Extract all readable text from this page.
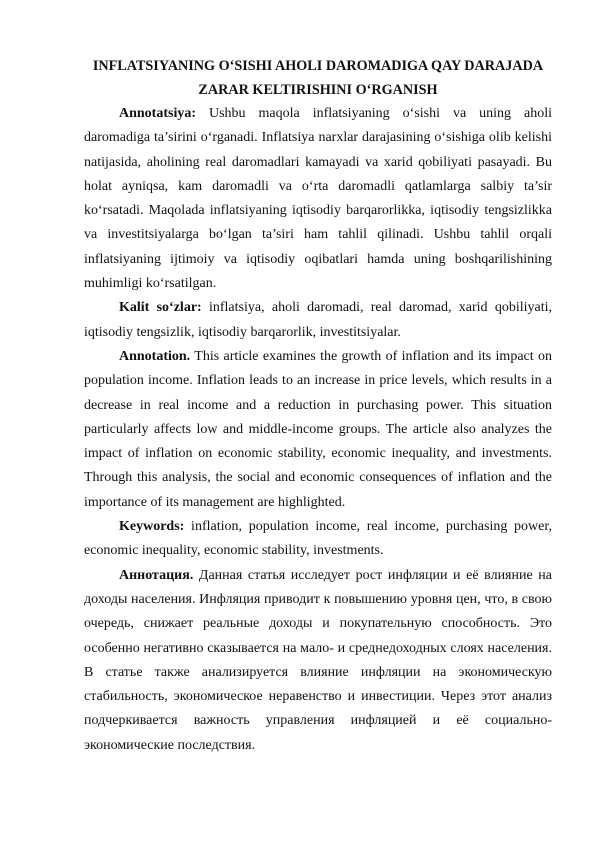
INFLATSIYANING O‘SISHI AHOLI DAROMADIGA QAY DARAJADA
ZARAR KELTIRISHINI O‘RGANISH

Annotatsiya: Ushbu maqola inflatsiyaning o‘sishi va uning aholi daromadiga ta’sirini o‘rganadi. Inflatsiya narxlar darajasining o‘sishiga olib kelishi natijasida, aholining real daromadlari kamayadi va xarid qobiliyati pasayadi. Bu holat ayniqsa, kam daromadli va o‘rta daromadli qatlamlarga salbiy ta’sir ko‘rsatadi. Maqolada inflatsiyaning iqtisodiy barqarorlikka, iqtisodiy tengsizlikka va investitsiyalarga bo‘lgan ta’siri ham tahlil qilinadi. Ushbu tahlil orqali inflatsiyaning ijtimoiy va iqtisodiy oqibatlari hamda uning boshqarilishining muhimligi ko‘rsatilgan.

Kalit so‘zlar: inflatsiya, aholi daromadi, real daromad, xarid qobiliyati, iqtisodiy tengsizlik, iqtisodiy barqarorlik, investitsiyalar.

Annotation. This article examines the growth of inflation and its impact on population income. Inflation leads to an increase in price levels, which results in a decrease in real income and a reduction in purchasing power. This situation particularly affects low and middle-income groups. The article also analyzes the impact of inflation on economic stability, economic inequality, and investments. Through this analysis, the social and economic consequences of inflation and the importance of its management are highlighted.

Keywords: inflation, population income, real income, purchasing power, economic inequality, economic stability, investments.

Аннотация. Данная статья исследует рост инфляции и её влияние на доходы населения. Инфляция приводит к повышению уровня цен, что, в свою очередь, снижает реальные доходы и покупательную способность. Это особенно негативно сказывается на мало- и среднедоходных слоях населения. В статье также анализируется влияние инфляции на экономическую стабильность, экономическое неравенство и инвестиции. Через этот анализ подчеркивается важность управления инфляцией и её социально-экономические последствия.
